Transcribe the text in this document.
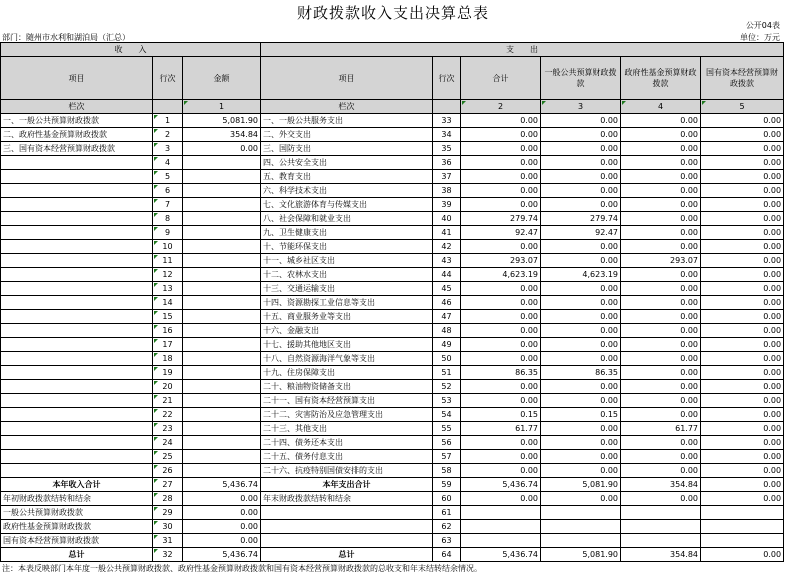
财政拨款收入支出决算总表
公开04表
部门：随州市水利和湖泊局（汇总）	单位：万元
收　　入			支　　出					
项目	行次	金额	项目	行次	合计	一般公共预算财政拨款	政府性基金预算财政拨款	国有资本经营预算财政拨款
栏次		1	栏次		2	3	4	5
一、一般公共预算财政拨款	1	5,081.90	一、一般公共服务支出	33	0.00	0.00	0.00	0.00
二、政府性基金预算财政拨款	2	354.84	二、外交支出	34	0.00	0.00	0.00	0.00
三、国有资本经营预算财政拨款	3	0.00	三、国防支出	35	0.00	0.00	0.00	0.00
	4		四、公共安全支出	36	0.00	0.00	0.00	0.00
	5		五、教育支出	37	0.00	0.00	0.00	0.00
	6		六、科学技术支出	38	0.00	0.00	0.00	0.00
	7		七、文化旅游体育与传媒支出	39	0.00	0.00	0.00	0.00
	8		八、社会保障和就业支出	40	279.74	279.74	0.00	0.00
	9		九、卫生健康支出	41	92.47	92.47	0.00	0.00
	10		十、节能环保支出	42	0.00	0.00	0.00	0.00
	11		十一、城乡社区支出	43	293.07	0.00	293.07	0.00
	12		十二、农林水支出	44	4,623.19	4,623.19	0.00	0.00
	13		十三、交通运输支出	45	0.00	0.00	0.00	0.00
	14		十四、资源勘探工业信息等支出	46	0.00	0.00	0.00	0.00
	15		十五、商业服务业等支出	47	0.00	0.00	0.00	0.00
	16		十六、金融支出	48	0.00	0.00	0.00	0.00
	17		十七、援助其他地区支出	49	0.00	0.00	0.00	0.00
	18		十八、自然资源海洋气象等支出	50	0.00	0.00	0.00	0.00
	19		十九、住房保障支出	51	86.35	86.35	0.00	0.00
	20		二十、粮油物资储备支出	52	0.00	0.00	0.00	0.00
	21		二十一、国有资本经营预算支出	53	0.00	0.00	0.00	0.00
	22		二十二、灾害防治及应急管理支出	54	0.15	0.15	0.00	0.00
	23		二十三、其他支出	55	61.77	0.00	61.77	0.00
	24		二十四、债务还本支出	56	0.00	0.00	0.00	0.00
	25		二十五、债务付息支出	57	0.00	0.00	0.00	0.00
	26		二十六、抗疫特别国债安排的支出	58	0.00	0.00	0.00	0.00
本年收入合计	27	5,436.74	本年支出合计	59	5,436.74	5,081.90	354.84	0.00
年初财政拨款结转和结余	28	0.00	年末财政拨款结转和结余	60	0.00	0.00	0.00	0.00
一般公共预算财政拨款	29	0.00		61				
政府性基金预算财政拨款	30	0.00		62				
国有资本经营预算财政拨款	31	0.00		63				
总计	32	5,436.74	总计	64	5,436.74	5,081.90	354.84	0.00
注：本表反映部门本年度一般公共预算财政拨款、政府性基金预算财政拨款和国有资本经营预算财政拨款的总收支和年末结转结余情况。
